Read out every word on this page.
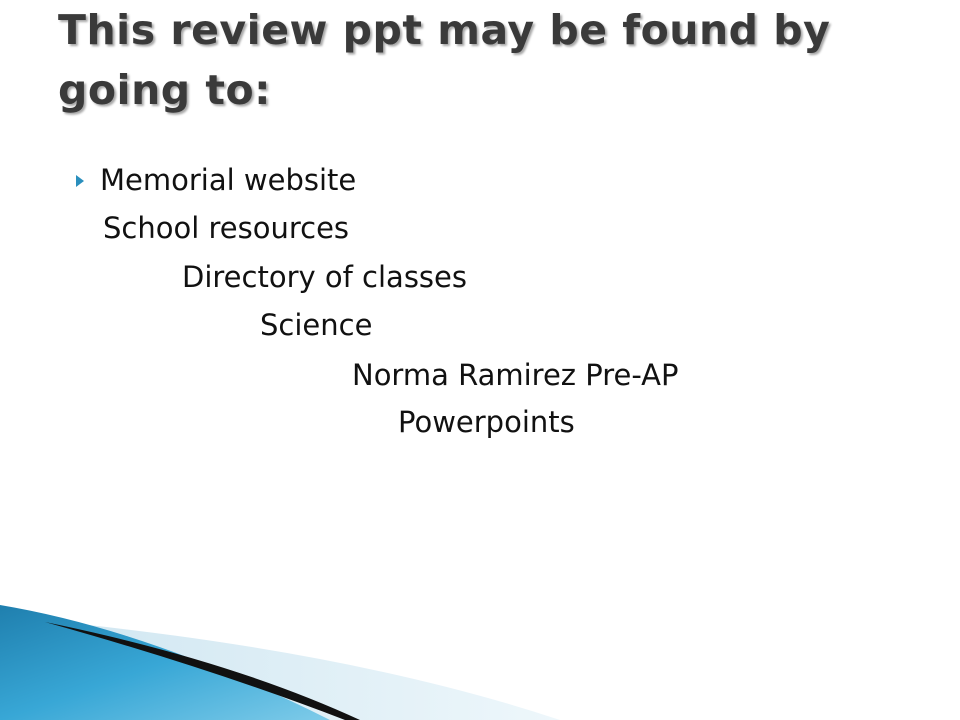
This review ppt may be found by going to:
Memorial website
School resources
Directory of classes
Science
Norma Ramirez Pre-AP
Powerpoints
